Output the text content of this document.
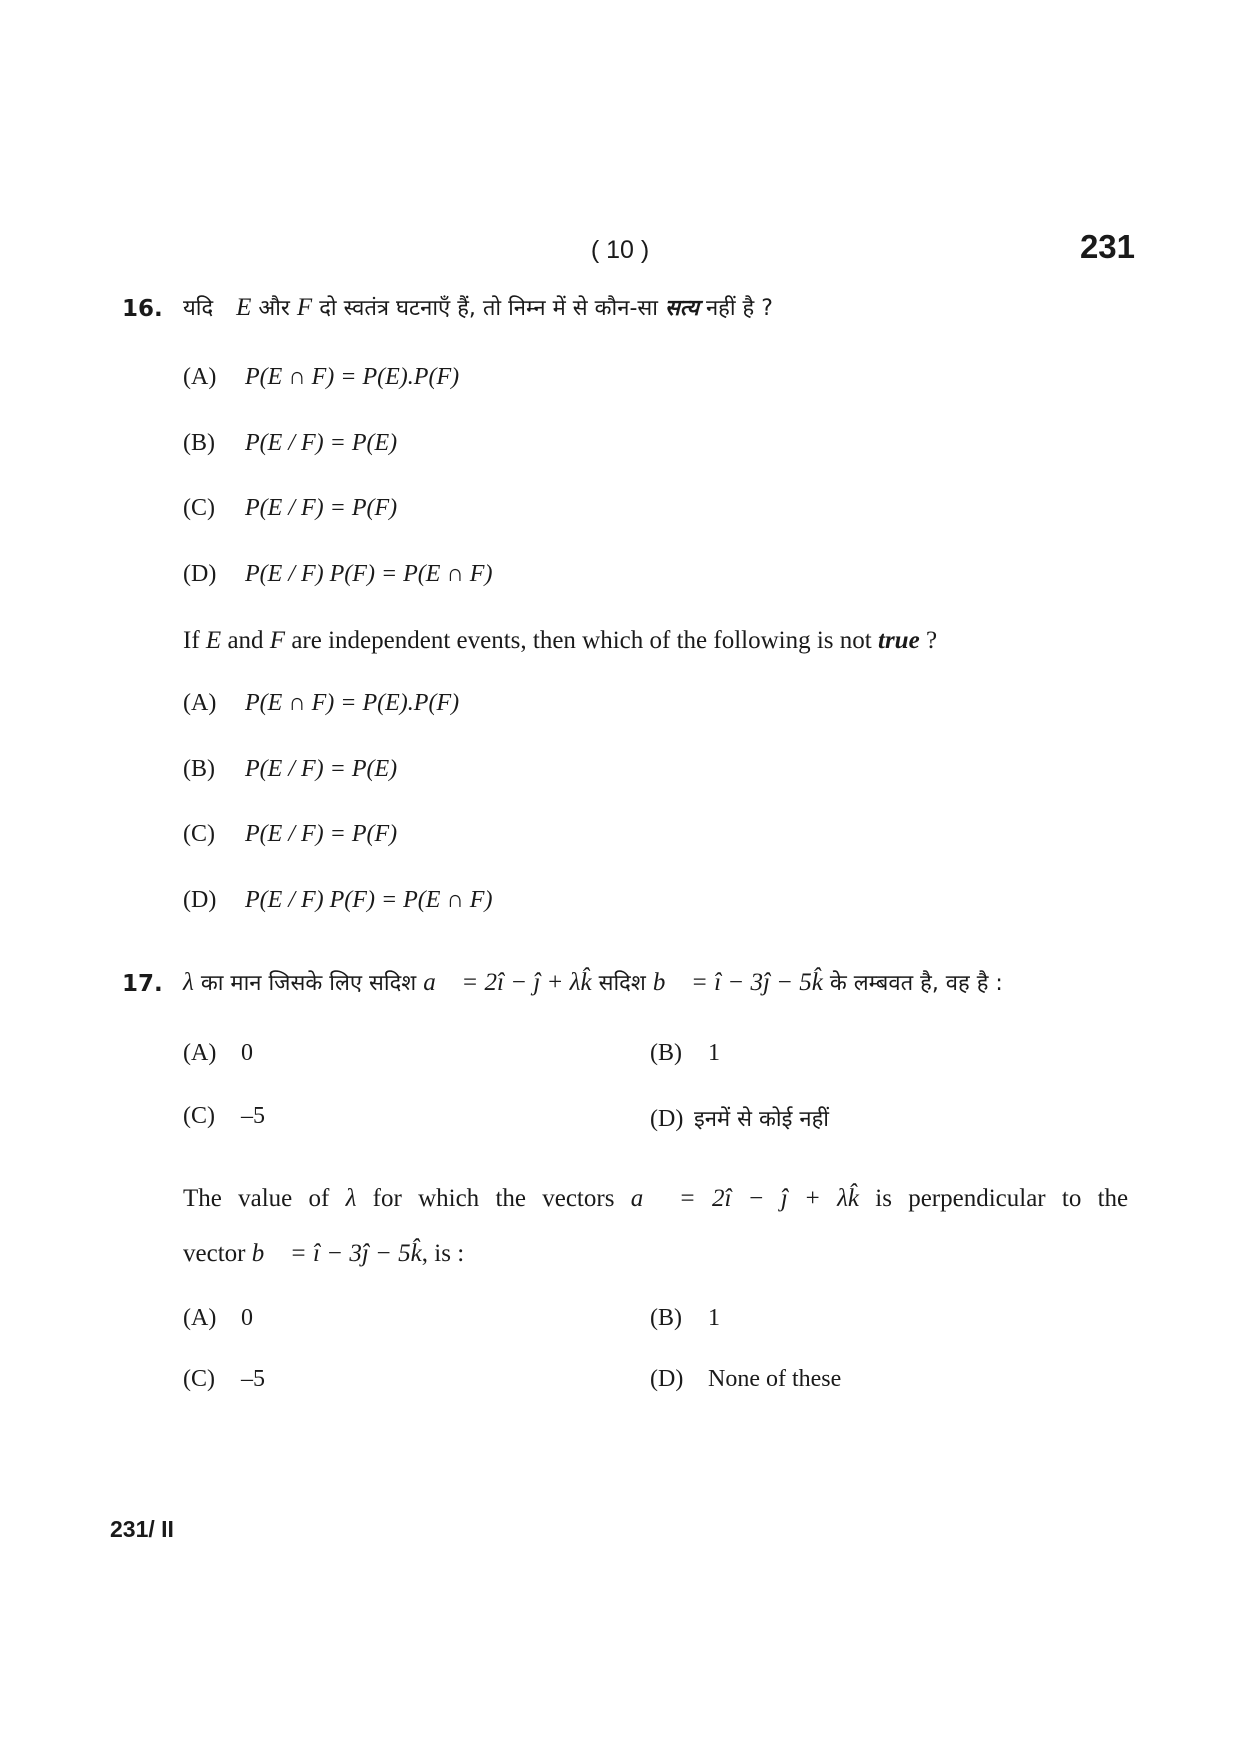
( 10 )	231
16. यदि E और F दो स्वतंत्र घटनाएँ हैं, तो निम्न में से कौन-सा सत्य नहीं है ?
(A) P(E ∩ F) = P(E).P(F)
(B) P(E / F) = P(E)
(C) P(E / F) = P(F)
(D) P(E / F) P(F) = P(E ∩ F)
If E and F are independent events, then which of the following is not true ?
(A) P(E ∩ F) = P(E).P(F)
(B) P(E / F) = P(E)
(C) P(E / F) = P(F)
(D) P(E / F) P(F) = P(E ∩ F)
17. λ का मान जिसके लिए सदिश a⃗ = 2î − ĵ + λk̂ सदिश b⃗ = î − 3ĵ − 5k̂ के लम्बवत है, वह है :
(A) 0	(B) 1
(C) –5	(D) इनमें से कोई नहीं
The value of λ for which the vectors a⃗ = 2î − ĵ + λk̂ is perpendicular to the
vector b⃗ = î − 3ĵ − 5k̂, is :
(A) 0	(B) 1
(C) –5	(D) None of these
231/ II
